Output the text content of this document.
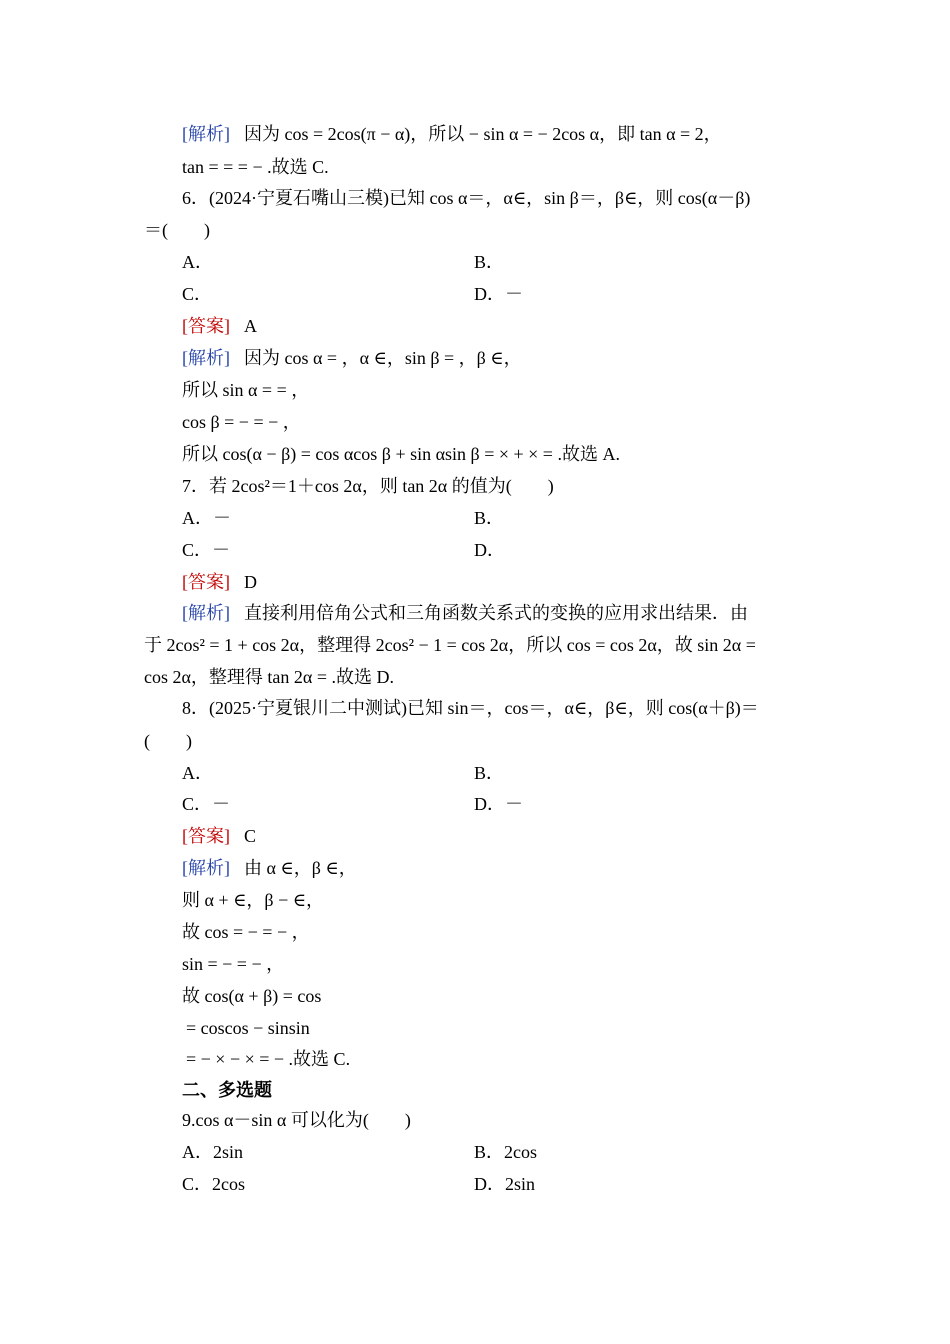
[解析] 因为 cos = 2cos(π − α)，所以 − sin α = − 2cos α，即 tan α = 2，
tan = = = − .故选 C.
6．(2024·宁夏石嘴山三模)已知 cos α＝，α∈，sin β＝，β∈，则 cos(α－β)
＝(　　)
A．	B．
C．	D．－
[答案] A
[解析] 因为 cos α = ，α ∈，sin β = ，β ∈，
所以 sin α = = ，
cos β = − = − ，
所以 cos(α − β) = cos αcos β + sin αsin β = × + × = .故选 A.
7．若 2cos²＝1＋cos 2α，则 tan 2α 的值为(　　)
A．－	B．
C．－	D．
[答案] D
[解析] 直接利用倍角公式和三角函数关系式的变换的应用求出结果．由
于 2cos² = 1 + cos 2α，整理得 2cos² − 1 = cos 2α，所以 cos = cos 2α，故 sin 2α =
cos 2α，整理得 tan 2α = .故选 D.
8．(2025·宁夏银川二中测试)已知 sin＝，cos＝，α∈，β∈，则 cos(α＋β)＝
(　　)
A．	B．
C．－	D．－
[答案] C
[解析] 由 α ∈，β ∈，
则 α + ∈，β − ∈，
故 cos = − = − ，
sin = − = − ，
故 cos(α + β) = cos
= coscos − sinsin
= − × − × = − .故选 C.
二、多选题
9.cos α－sin α 可以化为(　　)
A．2sin	B．2cos
C．2cos	D．2sin
